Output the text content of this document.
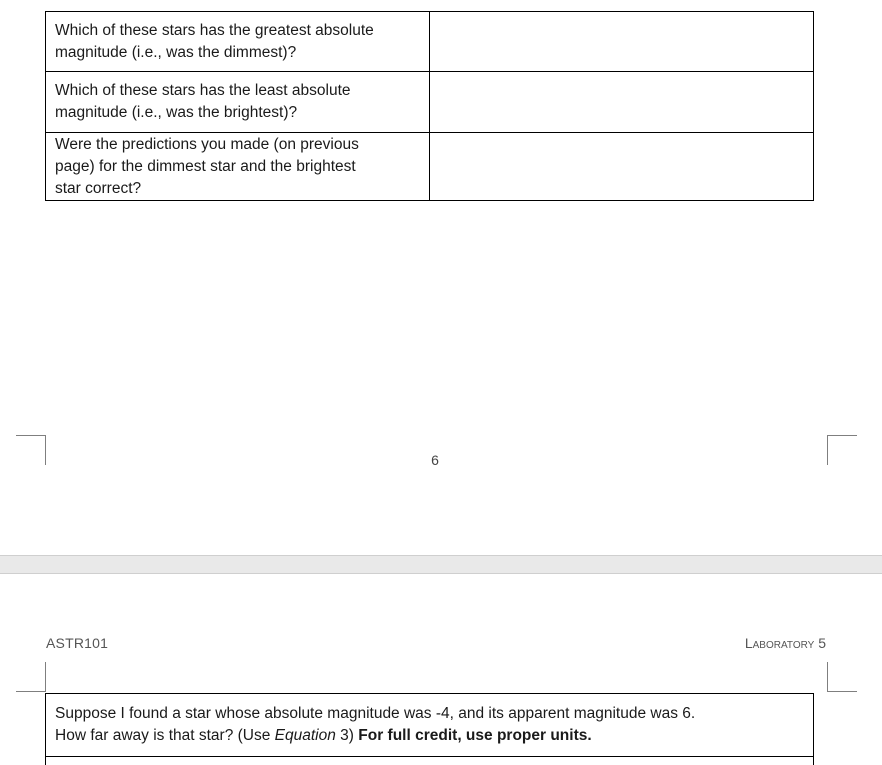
Which of these stars has the greatest absolute
magnitude (i.e., was the dimmest)?	

Which of these stars has the least absolute
magnitude (i.e., was the brightest)?	

Were the predictions you made (on previous
page) for the dimmest star and the brightest
star correct?	

6
ASTR101	Laboratory 5
Suppose I found a star whose absolute magnitude was -4, and its apparent magnitude was 6.
How far away is that star? (Use Equation 3) For full credit, use proper units.
